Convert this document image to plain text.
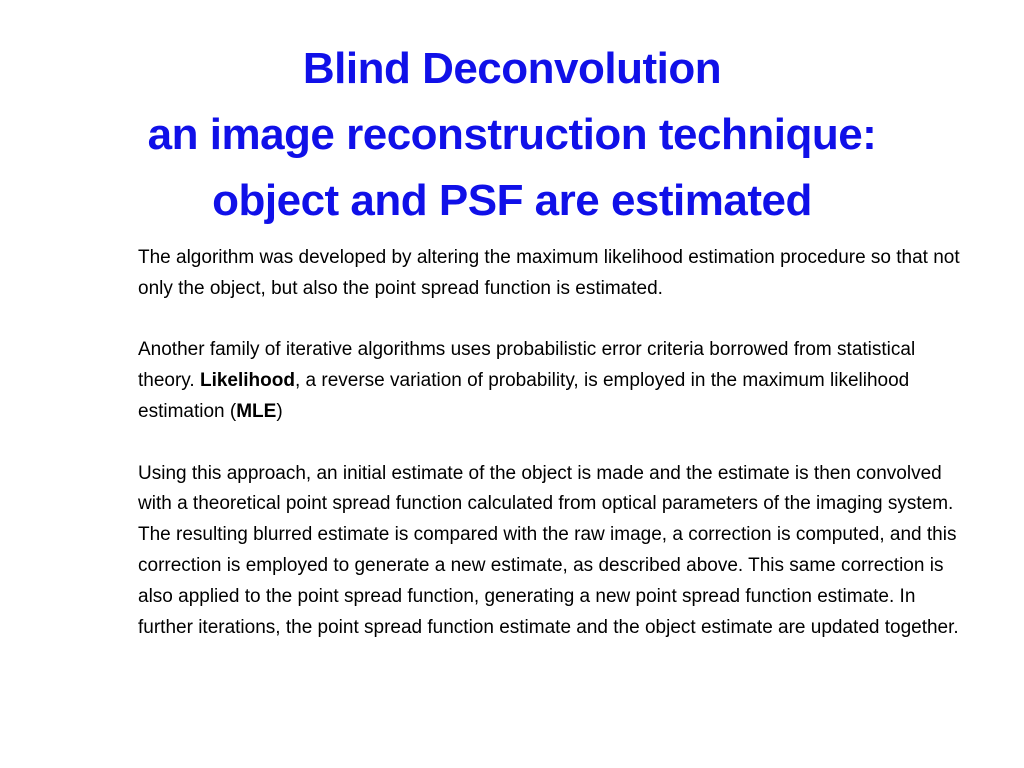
Blind Deconvolution
an image reconstruction technique:
object and PSF are estimated

The algorithm was developed by altering the maximum likelihood estimation procedure so that not only the object, but also the point spread function is estimated.

Another family of iterative algorithms uses probabilistic error criteria borrowed from statistical theory. Likelihood, a reverse variation of probability, is employed in the maximum likelihood estimation (MLE)

Using this approach, an initial estimate of the object is made and the estimate is then convolved with a theoretical point spread function calculated from optical parameters of the imaging system. The resulting blurred estimate is compared with the raw image, a correction is computed, and this correction is employed to generate a new estimate, as described above. This same correction is also applied to the point spread function, generating a new point spread function estimate. In further iterations, the point spread function estimate and the object estimate are updated together.
